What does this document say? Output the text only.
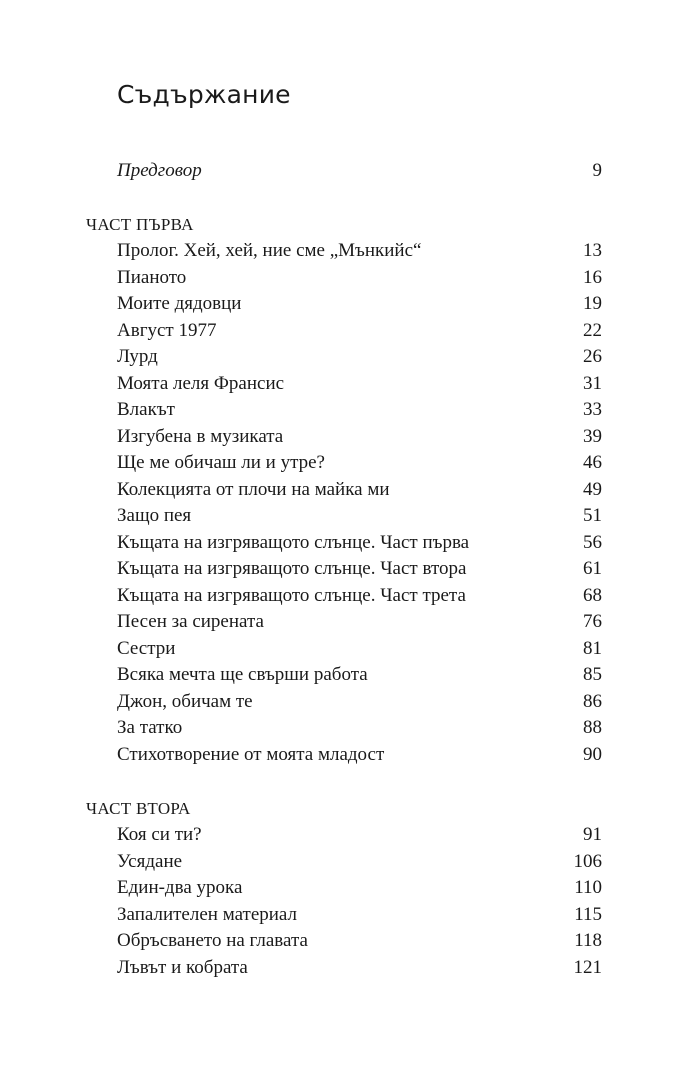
Съдържание
Предговор	9
ЧАСТ ПЪРВА
Пролог. Хей, хей, ние сме „Мънкийс“	13
Пианото	16
Моите дядовци	19
Август 1977	22
Лурд	26
Моята леля Франсис	31
Влакът	33
Изгубена в музиката	39
Ще ме обичаш ли и утре?	46
Колекцията от плочи на майка ми	49
Защо пея	51
Къщата на изгряващото слънце. Част първа	56
Къщата на изгряващото слънце. Част втора	61
Къщата на изгряващото слънце. Част трета	68
Песен за сирената	76
Сестри	81
Всяка мечта ще свърши работа	85
Джон, обичам те	86
За татко	88
Стихотворение от моята младост	90
ЧАСТ ВТОРА
Коя си ти?	91
Усядане	106
Един-два урока	110
Запалителен материал	115
Обръсването на главата	118
Лъвът и кобрата	121
